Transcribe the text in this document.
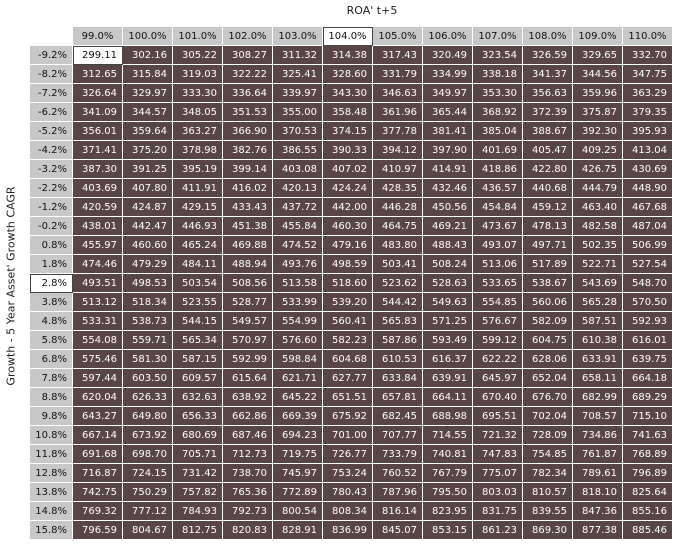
ROA' t+5
Growth - 5 Year Asset' Growth CAGR
	99.0%	100.0%	101.0%	102.0%	103.0%	104.0%	105.0%	106.0%	107.0%	108.0%	109.0%	110.0%
-9.2%	299.11	302.16	305.22	308.27	311.32	314.38	317.43	320.49	323.54	326.59	329.65	332.70
-8.2%	312.65	315.84	319.03	322.22	325.41	328.60	331.79	334.99	338.18	341.37	344.56	347.75
-7.2%	326.64	329.97	333.30	336.64	339.97	343.30	346.63	349.97	353.30	356.63	359.96	363.29
-6.2%	341.09	344.57	348.05	351.53	355.00	358.48	361.96	365.44	368.92	372.39	375.87	379.35
-5.2%	356.01	359.64	363.27	366.90	370.53	374.15	377.78	381.41	385.04	388.67	392.30	395.93
-4.2%	371.41	375.20	378.98	382.76	386.55	390.33	394.12	397.90	401.69	405.47	409.25	413.04
-3.2%	387.30	391.25	395.19	399.14	403.08	407.02	410.97	414.91	418.86	422.80	426.75	430.69
-2.2%	403.69	407.80	411.91	416.02	420.13	424.24	428.35	432.46	436.57	440.68	444.79	448.90
-1.2%	420.59	424.87	429.15	433.43	437.72	442.00	446.28	450.56	454.84	459.12	463.40	467.68
-0.2%	438.01	442.47	446.93	451.38	455.84	460.30	464.75	469.21	473.67	478.13	482.58	487.04
0.8%	455.97	460.60	465.24	469.88	474.52	479.16	483.80	488.43	493.07	497.71	502.35	506.99
1.8%	474.46	479.29	484.11	488.94	493.76	498.59	503.41	508.24	513.06	517.89	522.71	527.54
2.8%	493.51	498.53	503.54	508.56	513.58	518.60	523.62	528.63	533.65	538.67	543.69	548.70
3.8%	513.12	518.34	523.55	528.77	533.99	539.20	544.42	549.63	554.85	560.06	565.28	570.50
4.8%	533.31	538.73	544.15	549.57	554.99	560.41	565.83	571.25	576.67	582.09	587.51	592.93
5.8%	554.08	559.71	565.34	570.97	576.60	582.23	587.86	593.49	599.12	604.75	610.38	616.01
6.8%	575.46	581.30	587.15	592.99	598.84	604.68	610.53	616.37	622.22	628.06	633.91	639.75
7.8%	597.44	603.50	609.57	615.64	621.71	627.77	633.84	639.91	645.97	652.04	658.11	664.18
8.8%	620.04	626.33	632.63	638.92	645.22	651.51	657.81	664.11	670.40	676.70	682.99	689.29
9.8%	643.27	649.80	656.33	662.86	669.39	675.92	682.45	688.98	695.51	702.04	708.57	715.10
10.8%	667.14	673.92	680.69	687.46	694.23	701.00	707.77	714.55	721.32	728.09	734.86	741.63
11.8%	691.68	698.70	705.71	712.73	719.75	726.77	733.79	740.81	747.83	754.85	761.87	768.89
12.8%	716.87	724.15	731.42	738.70	745.97	753.24	760.52	767.79	775.07	782.34	789.61	796.89
13.8%	742.75	750.29	757.82	765.36	772.89	780.43	787.96	795.50	803.03	810.57	818.10	825.64
14.8%	769.32	777.12	784.93	792.73	800.54	808.34	816.14	823.95	831.75	839.55	847.36	855.16
15.8%	796.59	804.67	812.75	820.83	828.91	836.99	845.07	853.15	861.23	869.30	877.38	885.46
